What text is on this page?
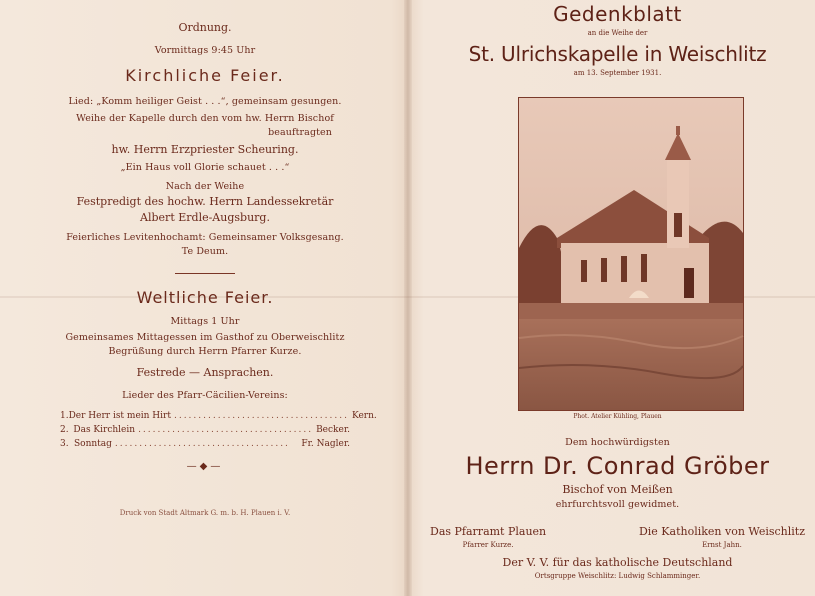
Ordnung.
Vormittags 9:45 Uhr
Kirchliche Feier.
Lied: „Komm heiliger Geist . . .“, gemeinsam gesungen.
Weihe der Kapelle durch den vom hw. Herrn Bischof
beauftragten
hw. Herrn Erzpriester Scheuring.
„Ein Haus voll Glorie schauet . . .“
Nach der Weihe
Festpredigt des hochw. Herrn Landessekretär
Albert Erdle-Augsburg.
Feierliches Levitenhochamt: Gemeinsamer Volksgesang.
Te Deum.
Weltliche Feier.
Mittags 1 Uhr
Gemeinsames Mittagessen im Gasthof zu Oberweischlitz
Begrüßung durch Herrn Pfarrer Kurze.
Festrede — Ansprachen.
Lieder des Pfarr-Cäcilien-Vereins:
1. Der Herr ist mein Hirt .................................... Kern.
2. Das Kirchlein .................................... Becker.
3. Sonntag ....................................	Fr. Nagler.
—◆—
Druck von Stadt Altmark G. m. b. H. Plauen i. V.
Gedenkblatt
an die Weihe der
St. Ulrichskapelle in Weischlitz
am 13. September 1931.
Phot. Atelier Kühling, Plauen
Dem hochwürdigsten
Herrn Dr. Conrad Gröber
Bischof von Meißen
ehrfurchtsvoll gewidmet.
Das Pfarramt Plauen
Pfarrer Kurze.
Die Katholiken von Weischlitz
Ernst Jahn.
Der V. V. für das katholische Deutschland
Ortsgruppe Weischlitz: Ludwig Schlamminger.
